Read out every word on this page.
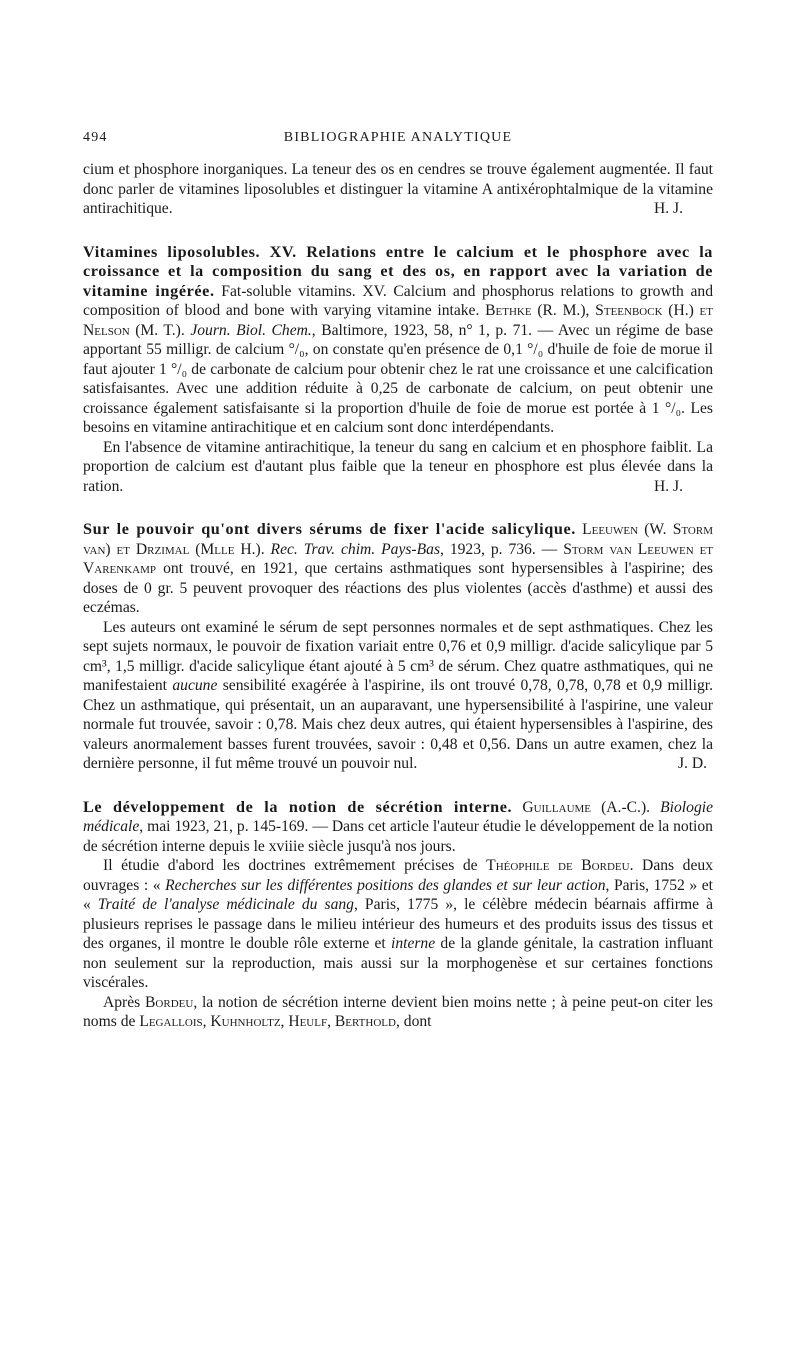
494	BIBLIOGRAPHIE ANALYTIQUE

cium et phosphore inorganiques. La teneur des os en cendres se trouve également augmentée. Il faut donc parler de vitamines liposolubles et distinguer la vitamine A antixérophtalmique de la vitamine antirachitique.	H. J.

Vitamines liposolubles. XV. Relations entre le calcium et le phosphore avec la croissance et la composition du sang et des os, en rapport avec la variation de vitamine ingérée. Fat-soluble vitamins. XV. Calcium and phosphorus relations to growth and composition of blood and bone with varying vitamine intake. Bethke (R. M.), Steenbock (H.) et Nelson (M. T.). Journ. Biol. Chem., Baltimore, 1923, 58, n° 1, p. 71. — Avec un régime de base apportant 55 milligr. de calcium °/₀, on constate qu'en présence de 0,1 °/₀ d'huile de foie de morue il faut ajouter 1 °/₀ de carbonate de calcium pour obtenir chez le rat une croissance et une calcification satisfaisantes. Avec une addition réduite à 0,25 de carbonate de calcium, on peut obtenir une croissance également satisfaisante si la proportion d'huile de foie de morue est portée à 1 °/₀. Les besoins en vitamine antirachitique et en calcium sont donc interdépendants.

En l'absence de vitamine antirachitique, la teneur du sang en calcium et en phosphore faiblit. La proportion de calcium est d'autant plus faible que la teneur en phosphore est plus élevée dans la ration.	H. J.

Sur le pouvoir qu'ont divers sérums de fixer l'acide salicylique. Leeuwen (W. Storm van) et Drzimal (Mlle H.). Rec. Trav. chim. Pays-Bas, 1923, p. 736. — Storm van Leeuwen et Varenkamp ont trouvé, en 1921, que certains asthmatiques sont hypersensibles à l'aspirine; des doses de 0 gr. 5 peuvent provoquer des réactions des plus violentes (accès d'asthme) et aussi des eczémas.

Les auteurs ont examiné le sérum de sept personnes normales et de sept asthmatiques. Chez les sept sujets normaux, le pouvoir de fixation variait entre 0,76 et 0,9 milligr. d'acide salicylique par 5 cm³, 1,5 milligr. d'acide salicylique étant ajouté à 5 cm³ de sérum. Chez quatre asthmatiques, qui ne manifestaient aucune sensibilité exagérée à l'aspirine, ils ont trouvé 0,78, 0,78, 0,78 et 0,9 milligr. Chez un asthmatique, qui présentait, un an auparavant, une hypersensibilité à l'aspirine, une valeur normale fut trouvée, savoir : 0,78. Mais chez deux autres, qui étaient hypersensibles à l'aspirine, des valeurs anormalement basses furent trouvées, savoir : 0,48 et 0,56. Dans un autre examen, chez la dernière personne, il fut même trouvé un pouvoir nul.	J. D.

Le développement de la notion de sécrétion interne. Guillaume (A.-C.). Biologie médicale, mai 1923, 21, p. 145-169. — Dans cet article l'auteur étudie le développement de la notion de sécrétion interne depuis le xviiie siècle jusqu'à nos jours.

Il étudie d'abord les doctrines extrêmement précises de Théophile de Bordeu. Dans deux ouvrages : « Recherches sur les différentes positions des glandes et sur leur action, Paris, 1752 » et « Traité de l'analyse médicinale du sang, Paris, 1775 », le célèbre médecin béarnais affirme à plusieurs reprises le passage dans le milieu intérieur des humeurs et des produits issus des tissus et des organes, il montre le double rôle externe et interne de la glande génitale, la castration influant non seulement sur la reproduction, mais aussi sur la morphogenèse et sur certaines fonctions viscérales.

Après Bordeu, la notion de sécrétion interne devient bien moins nette ; à peine peut-on citer les noms de Legallois, Kuhnholtz, Heulf, Berthold, dont
